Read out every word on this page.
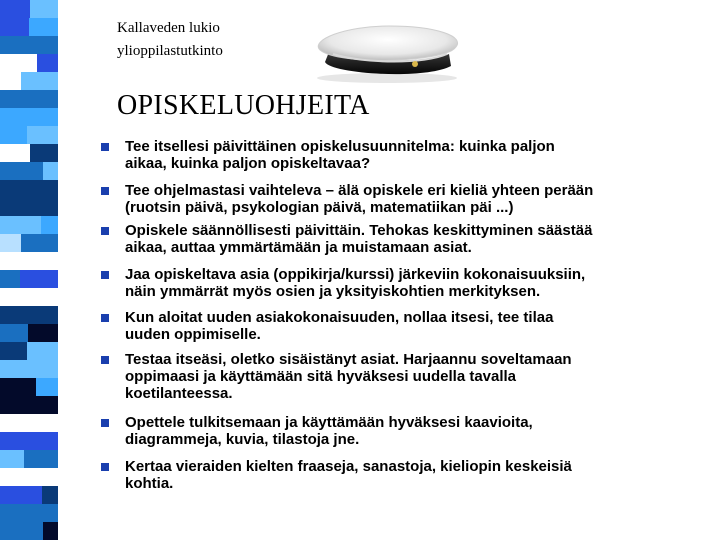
Kallaveden lukio
ylioppilastutkinto
OPISKELUOHJEITA
Tee itsellesi päivittäinen opiskelusuunnitelma: kuinka paljon
aikaa, kuinka paljon opiskeltavaa?
Tee ohjelmastasi vaihteleva – älä opiskele eri kieliä yhteen perään
(ruotsin päivä, psykologian päivä, matematiikan päi ...)
Opiskele säännöllisesti päivittäin. Tehokas keskittyminen säästää
aikaa, auttaa ymmärtämään ja muistamaan asiat.
Jaa opiskeltava asia (oppikirja/kurssi) järkeviin kokonaisuuksiin,
näin ymmärrät myös osien ja yksityiskohtien merkityksen.
Kun aloitat uuden asiakokonaisuuden, nollaa itsesi, tee tilaa
uuden oppimiselle.
Testaa itseäsi, oletko sisäistänyt asiat. Harjaannu soveltamaan
oppimaasi ja käyttämään sitä hyväksesi uudella tavalla
koetilanteessa.
Opettele tulkitsemaan ja käyttämään hyväksesi kaavioita,
diagrammeja, kuvia, tilastoja jne.
Kertaa vieraiden kielten fraaseja, sanastoja, kieliopin keskeisiä
kohtia.
